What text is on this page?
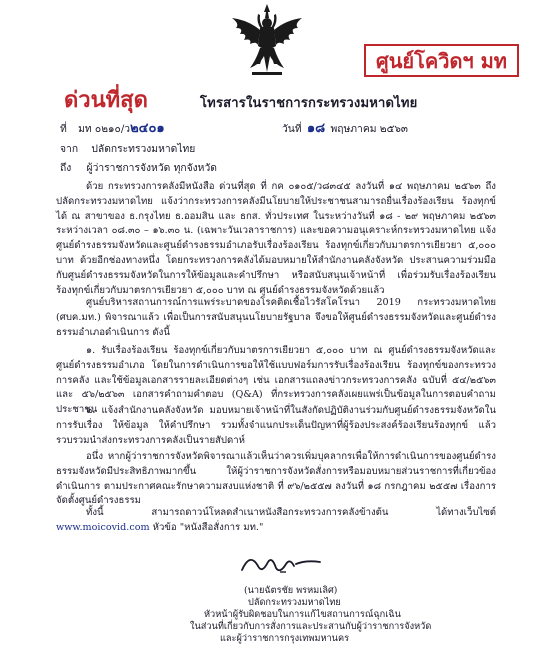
ศูนย์โควิดฯ มท
ด่วนที่สุด	โทรสารในราชการกระทรวงมหาดไทย
ที่ มท ๐๒๑๐/ว๒๔๐๑	วันที่ ๑๘ พฤษภาคม ๒๕๖๓
จาก ปลัดกระทรวงมหาดไทย
ถึง ผู้ว่าราชการจังหวัด ทุกจังหวัด
ด้วย กระทรวงการคลังมีหนังสือ ด่วนที่สุด ที่ กค ๐๑๐๕/ว๘๓๔๕ ลงวันที่ ๑๔ พฤษภาคม ๒๕๖๓ ถึงปลัดกระทรวงมหาดไทย แจ้งว่ากระทรวงการคลังมีนโยบายให้ประชาชนสามารถยื่นเรื่องร้องเรียน ร้องทุกข์ได้ ณ สาขาของ ธ.กรุงไทย ธ.ออมสิน และ ธกส. ทั่วประเทศ ในระหว่างวันที่ ๑๘ - ๒๙ พฤษภาคม ๒๕๖๓ ระหว่างเวลา ๐๘.๓๐ – ๑๖.๓๐ น. (เฉพาะวันเวลาราชการ) และขอความอนุเคราะห์กระทรวงมหาดไทย แจ้งศูนย์ดำรงธรรมจังหวัดและศูนย์ดำรงธรรมอำเภอรับเรื่องร้องเรียน ร้องทุกข์เกี่ยวกับมาตรการเยียวยา ๕,๐๐๐ บาท ด้วยอีกช่องทางหนึ่ง โดยกระทรวงการคลังได้มอบหมายให้สำนักงานคลังจังหวัด ประสานความร่วมมือกับศูนย์ดำรงธรรมจังหวัดในการให้ข้อมูลและคำปรึกษา หรือสนับสนุนเจ้าหน้าที่ เพื่อร่วมรับเรื่องร้องเรียน ร้องทุกข์เกี่ยวกับมาตรการเยียวยา ๕,๐๐๐ บาท ณ ศูนย์ดำรงธรรมจังหวัดด้วยแล้ว
ศูนย์บริหารสถานการณ์การแพร่ระบาดของโรคติดเชื้อไวรัสโคโรนา 2019 กระทรวงมหาดไทย (ศบค.มท.) พิจารณาแล้ว เพื่อเป็นการสนับสนุนนโยบายรัฐบาล จึงขอให้ศูนย์ดำรงธรรมจังหวัดและศูนย์ดำรงธรรมอำเภอดำเนินการ ดังนี้
๑. รับเรื่องร้องเรียน ร้องทุกข์เกี่ยวกับมาตรการเยียวยา ๕,๐๐๐ บาท ณ ศูนย์ดำรงธรรมจังหวัดและศูนย์ดำรงธรรมอำเภอ โดยในการดำเนินการขอให้ใช้แบบฟอร์มการรับเรื่องร้องเรียน ร้องทุกข์ของกระทรวงการคลัง และใช้ข้อมูลเอกสารรายละเอียดต่างๆ เช่น เอกสารแถลงข่าวกระทรวงการคลัง ฉบับที่ ๕๔/๒๕๖๓ และ ๕๖/๒๕๖๓ เอกสารคำถามคำตอบ (Q&A) ที่กระทรวงการคลังเผยแพร่เป็นข้อมูลในการตอบคำถามประชาชน
๒. แจ้งสำนักงานคลังจังหวัด มอบหมายเจ้าหน้าที่ในสังกัดปฏิบัติงานร่วมกับศูนย์ดำรงธรรมจังหวัดในการรับเรื่อง ให้ข้อมูล ให้คำปรึกษา รวมทั้งจำแนกประเด็นปัญหาที่ผู้ร้องประสงค์ร้องเรียนร้องทุกข์ แล้วรวบรวมนำส่งกระทรวงการคลังเป็นรายสัปดาห์
อนึ่ง หากผู้ว่าราชการจังหวัดพิจารณาแล้วเห็นว่าควรเพิ่มบุคลากรเพื่อให้การดำเนินการของศูนย์ดำรงธรรมจังหวัดมีประสิทธิภาพมากขึ้น ให้ผู้ว่าราชการจังหวัดสั่งการหรือมอบหมายส่วนราชการที่เกี่ยวข้องดำเนินการ ตามประกาศคณะรักษาความสงบแห่งชาติ ที่ ๙๖/๒๕๕๗ ลงวันที่ ๑๘ กรกฎาคม ๒๕๕๗ เรื่องการจัดตั้งศูนย์ดำรงธรรม
ทั้งนี้ สามารถดาวน์โหลดสำเนาหนังสือกระทรวงการคลังข้างต้น ได้ทางเว็บไซต์ www.moicovid.com หัวข้อ "หนังสือสั่งการ มท."
(นายฉัตรชัย พรหมเลิศ)
ปลัดกระทรวงมหาดไทย
หัวหน้าผู้รับผิดชอบในการแก้ไขสถานการณ์ฉุกเฉิน
ในส่วนที่เกี่ยวกับการสั่งการและประสานกับผู้ว่าราชการจังหวัด
และผู้ว่าราชการกรุงเทพมหานคร
